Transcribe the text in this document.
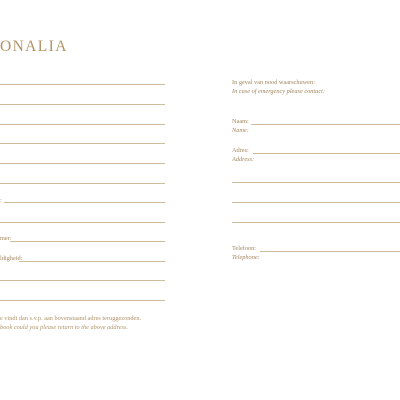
ONALIA
:
mer:
ldigheid:
e vindt dan s.v.p. aan bovenstaand adres teruggezonden.
book could you please return to the above address.
In geval van nood waarschuwen:
In case of emergency please contact:
Naam:
Name:
Adres:
Address:
Telefoon:
Telephone:
